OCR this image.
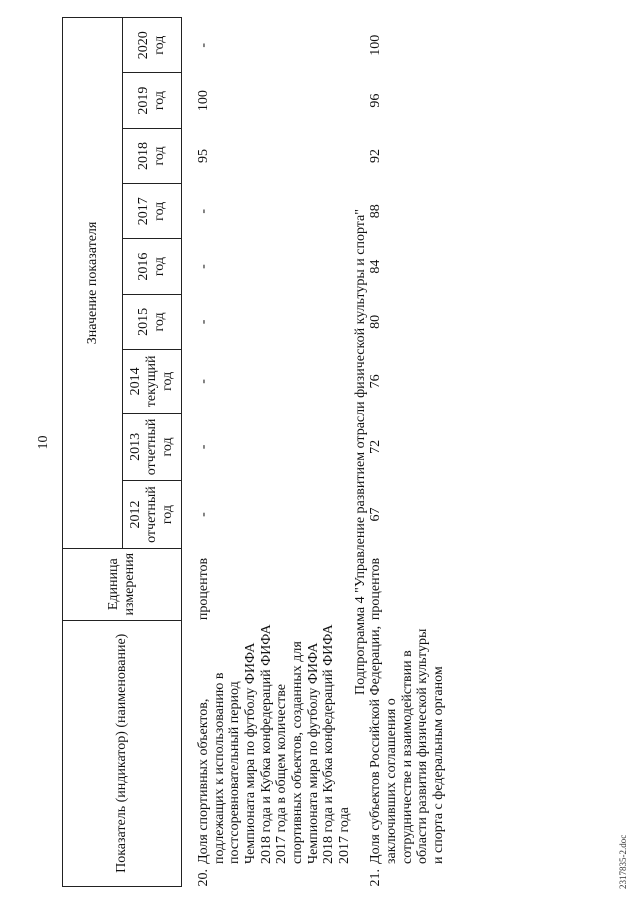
10
Показатель (индикатор) (наименование)		Единица измерения	Значение показателя								
			2012 отчетный год	2013 отчетный год	2014 текущий год	2015 год	2016 год	2017 год	2018 год	2019 год	2020 год

20.	Доля спортивных объектов, подлежащих к использованию в постсоревновательный период Чемпионата мира по футболу ФИФА 2018 года и Кубка конфедераций ФИФА 2017 года в общем количестве спортивных объектов, созданных для Чемпионата мира по футболу ФИФА 2018 года и Кубка конфедераций ФИФА 2017 года	процентов	-	-	-	-	-	-	95	100	-
Подпрограмма 4 "Управление развитием отрасли физической культуры и спорта"											
21.	Доля субъектов Российской Федерации, заключивших соглашения о сотрудничестве и взаимодействии в области развития физической культуры и спорта с федеральным органом	процентов	67	72	76	80	84	88	92	96	100
2317835-2.doc
